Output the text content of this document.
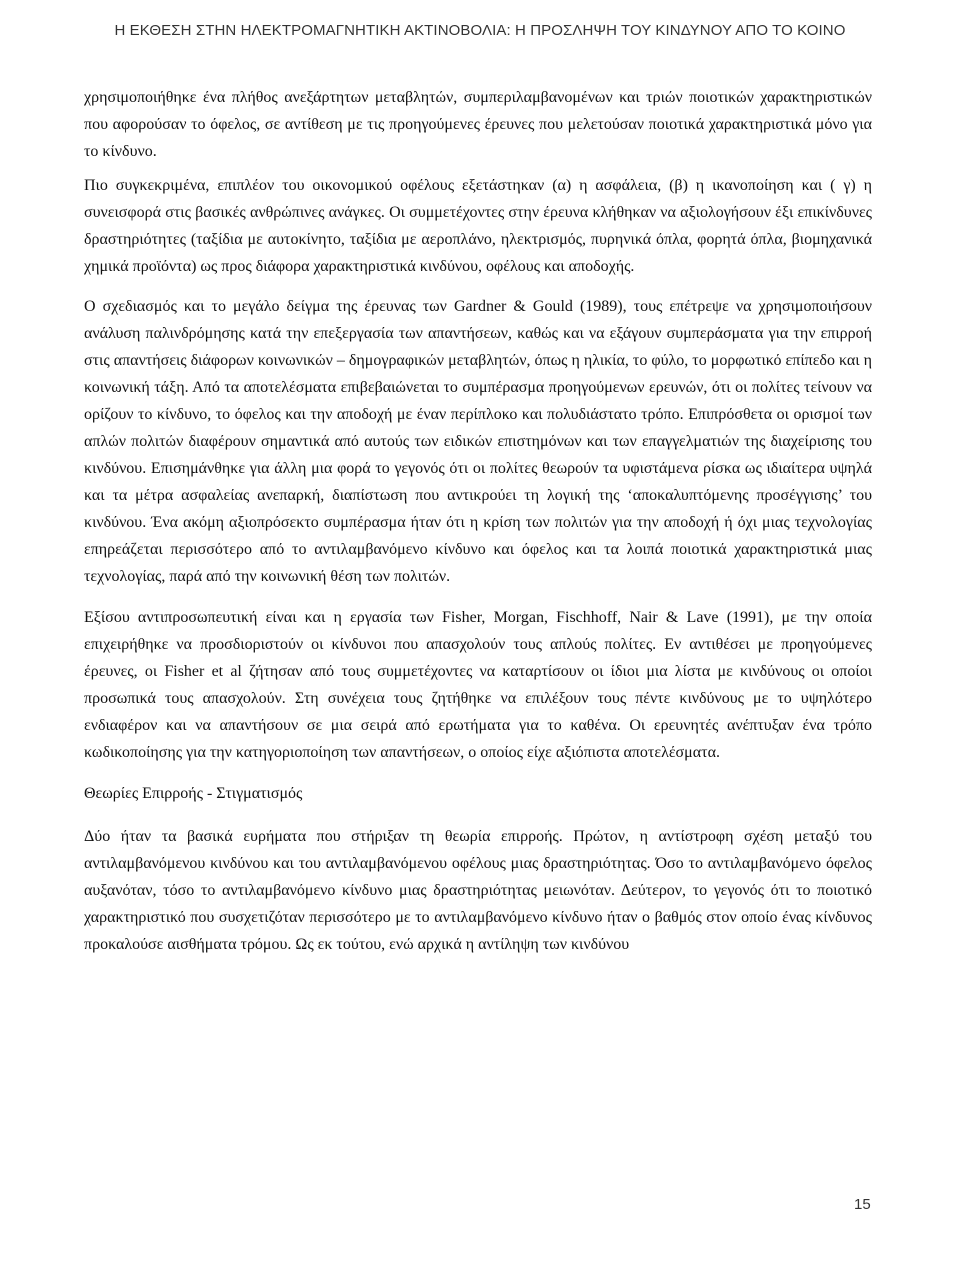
Η ΕΚΘΕΣΗ ΣΤΗΝ ΗΛΕΚΤΡΟΜΑΓΝΗΤΙΚΗ ΑΚΤΙΝΟΒΟΛΙΑ: Η ΠΡΟΣΛΗΨΗ ΤΟΥ ΚΙΝΔΥΝΟΥ ΑΠΟ ΤΟ ΚΟΙΝΟ

χρησιμοποιήθηκε ένα πλήθος ανεξάρτητων μεταβλητών, συμπεριλαμβανομένων και τριών ποιοτικών χαρακτηριστικών που αφορούσαν το όφελος, σε αντίθεση με τις προηγούμενες έρευνες που μελετούσαν ποιοτικά χαρακτηριστικά μόνο για το κίνδυνο.

Πιο συγκεκριμένα, επιπλέον του οικονομικού οφέλους εξετάστηκαν (α) η ασφάλεια, (β) η ικανοποίηση και ( γ) η συνεισφορά στις βασικές ανθρώπινες ανάγκες. Οι συμμετέχοντες στην έρευνα κλήθηκαν να αξιολογήσουν έξι επικίνδυνες δραστηριότητες (ταξίδια με αυτοκίνητο, ταξίδια με αεροπλάνο, ηλεκτρισμός, πυρηνικά όπλα, φορητά όπλα, βιομηχανικά χημικά προϊόντα) ως προς διάφορα χαρακτηριστικά κινδύνου, οφέλους και αποδοχής.

Ο σχεδιασμός και το μεγάλο δείγμα της έρευνας των Gardner & Gould (1989), τους επέτρεψε να χρησιμοποιήσουν ανάλυση παλινδρόμησης κατά την επεξεργασία των απαντήσεων, καθώς και να εξάγουν συμπεράσματα για την επιρροή στις απαντήσεις διάφορων κοινωνικών – δημογραφικών μεταβλητών, όπως η ηλικία, το φύλο, το μορφωτικό επίπεδο και η κοινωνική τάξη. Από τα αποτελέσματα επιβεβαιώνεται το συμπέρασμα προηγούμενων ερευνών, ότι οι πολίτες τείνουν να ορίζουν το κίνδυνο, το όφελος και την αποδοχή με έναν περίπλοκο και πολυδιάστατο τρόπο. Επιπρόσθετα οι ορισμοί των απλών πολιτών διαφέρουν σημαντικά από αυτούς των ειδικών επιστημόνων και των επαγγελματιών της διαχείρισης του κινδύνου. Επισημάνθηκε για άλλη μια φορά το γεγονός ότι οι πολίτες θεωρούν τα υφιστάμενα ρίσκα ως ιδιαίτερα υψηλά και τα μέτρα ασφαλείας ανεπαρκή, διαπίστωση που αντικρούει τη λογική της ‘αποκαλυπτόμενης προσέγγισης’ του κινδύνου. Ένα ακόμη αξιοπρόσεκτο συμπέρασμα ήταν ότι η κρίση των πολιτών για την αποδοχή ή όχι μιας τεχνολογίας επηρεάζεται περισσότερο από το αντιλαμβανόμενο κίνδυνο και όφελος και τα λοιπά ποιοτικά χαρακτηριστικά μιας τεχνολογίας, παρά από την κοινωνική θέση των πολιτών.

Εξίσου αντιπροσωπευτική είναι και η εργασία των Fisher, Morgan, Fischhoff, Nair & Lave (1991), με την οποία επιχειρήθηκε να προσδιοριστούν οι κίνδυνοι που απασχολούν τους απλούς πολίτες. Εν αντιθέσει με προηγούμενες έρευνες, οι Fisher et al ζήτησαν από τους συμμετέχοντες να καταρτίσουν οι ίδιοι μια λίστα με κινδύνους οι οποίοι προσωπικά τους απασχολούν. Στη συνέχεια τους ζητήθηκε να επιλέξουν τους πέντε κινδύνους με το υψηλότερο ενδιαφέρον και να απαντήσουν σε μια σειρά από ερωτήματα για το καθένα. Οι ερευνητές ανέπτυξαν ένα τρόπο κωδικοποίησης για την κατηγοριοποίηση των απαντήσεων, ο οποίος είχε αξιόπιστα αποτελέσματα.

Θεωρίες Επιρροής - Στιγματισμός

Δύο ήταν τα βασικά ευρήματα που στήριξαν τη θεωρία επιρροής. Πρώτον, η αντίστροφη σχέση μεταξύ του αντιλαμβανόμενου κινδύνου και του αντιλαμβανόμενου οφέλους μιας δραστηριότητας. Όσο το αντιλαμβανόμενο όφελος αυξανόταν, τόσο το αντιλαμβανόμενο κίνδυνο μιας δραστηριότητας μειωνόταν. Δεύτερον, το γεγονός ότι το ποιοτικό χαρακτηριστικό που συσχετιζόταν περισσότερο με το αντιλαμβανόμενο κίνδυνο ήταν ο βαθμός στον οποίο ένας κίνδυνος προκαλούσε αισθήματα τρόμου. Ως εκ τούτου, ενώ αρχικά η αντίληψη των κινδύνου

15
